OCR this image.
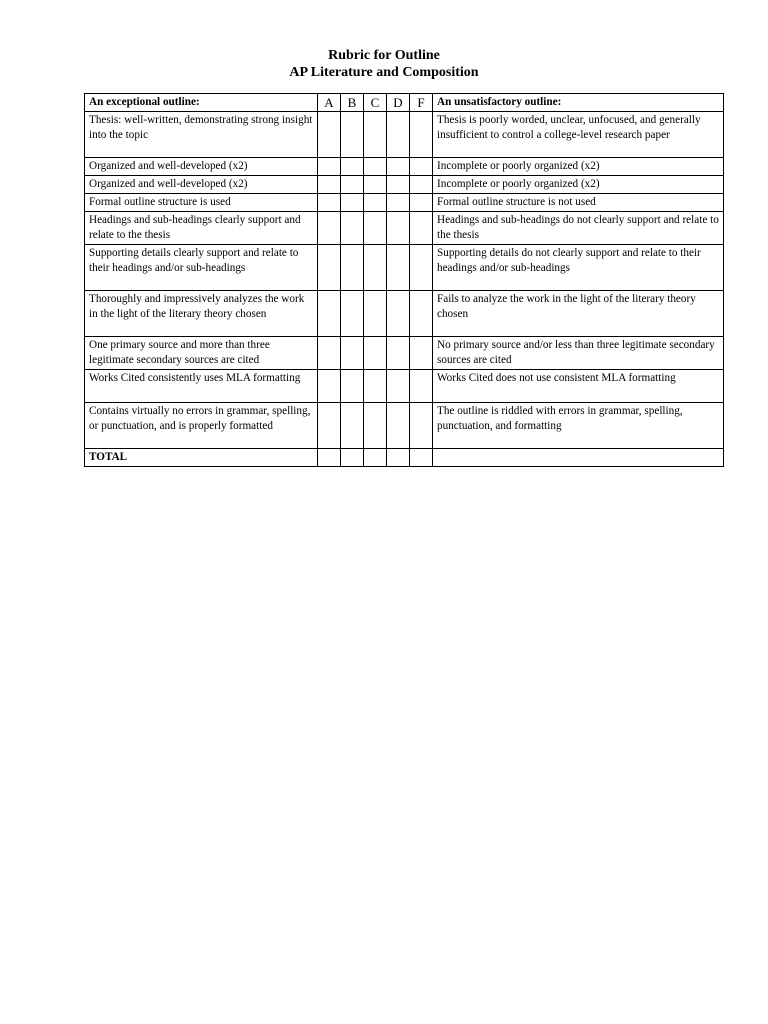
Rubric for Outline
AP Literature and Composition
An exceptional outline:	A	B	C	D	F	An unsatisfactory outline:
Thesis: well-written, demonstrating strong insight into the topic						Thesis is poorly worded, unclear, unfocused, and generally insufficient to control a college-level research paper
Organized and well-developed (x2)						Incomplete or poorly organized (x2)
Organized and well-developed (x2)						Incomplete or poorly organized (x2)
Formal outline structure is used						Formal outline structure is not used
Headings and sub-headings clearly support and relate to the thesis						Headings and sub-headings do not clearly support and relate to the thesis
Supporting details clearly support and relate to their headings and/or sub-headings						Supporting details do not clearly support and relate to their headings and/or sub-headings
Thoroughly and impressively analyzes the work in the light of the literary theory chosen						Fails to analyze the work in the light of the literary theory chosen
One primary source and more than three legitimate secondary sources are cited						No primary source and/or less than three legitimate secondary sources are cited
Works Cited consistently uses MLA formatting						Works Cited does not use consistent MLA formatting
Contains virtually no errors in grammar, spelling, or punctuation, and is properly formatted						The outline is riddled with errors in grammar, spelling, punctuation, and formatting
TOTAL						
